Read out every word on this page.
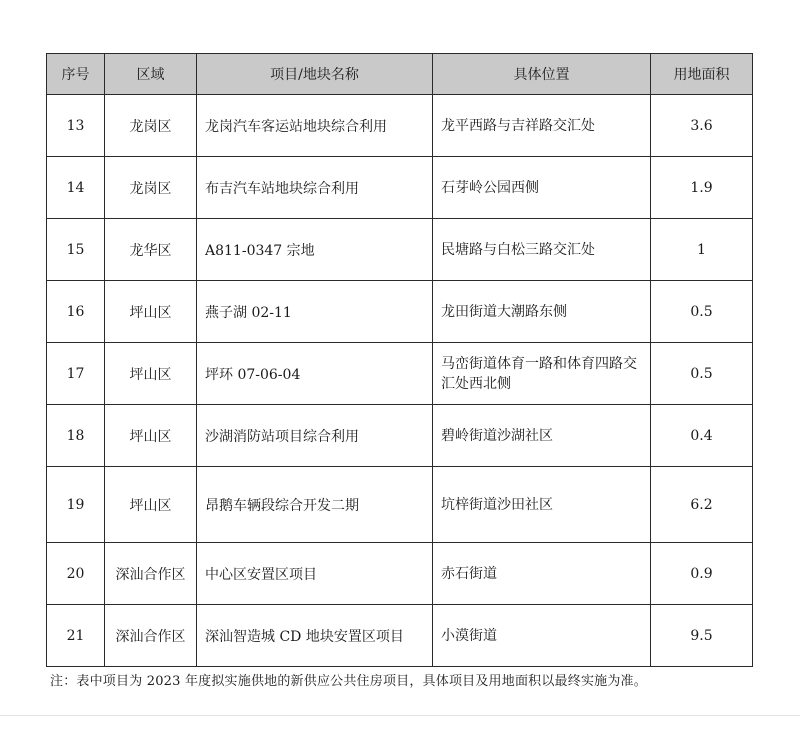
序号	区域	项目/地块名称	具体位置	用地面积
13	龙岗区	龙岗汽车客运站地块综合利用	龙平西路与吉祥路交汇处	3.6
14	龙岗区	布吉汽车站地块综合利用	石芽岭公园西侧	1.9
15	龙华区	A811-0347 宗地	民塘路与白松三路交汇处	1
16	坪山区	燕子湖 02-11	龙田街道大潮路东侧	0.5
17	坪山区	坪环 07-06-04	马峦街道体育一路和体育四路交汇处西北侧	0.5
18	坪山区	沙湖消防站项目综合利用	碧岭街道沙湖社区	0.4
19	坪山区	昂鹅车辆段综合开发二期	坑梓街道沙田社区	6.2
20	深汕合作区	中心区安置区项目	赤石街道	0.9
21	深汕合作区	深汕智造城 CD 地块安置区项目	小漠街道	9.5
注：表中项目为 2023 年度拟实施供地的新供应公共住房项目，具体项目及用地面积以最终实施为准。
